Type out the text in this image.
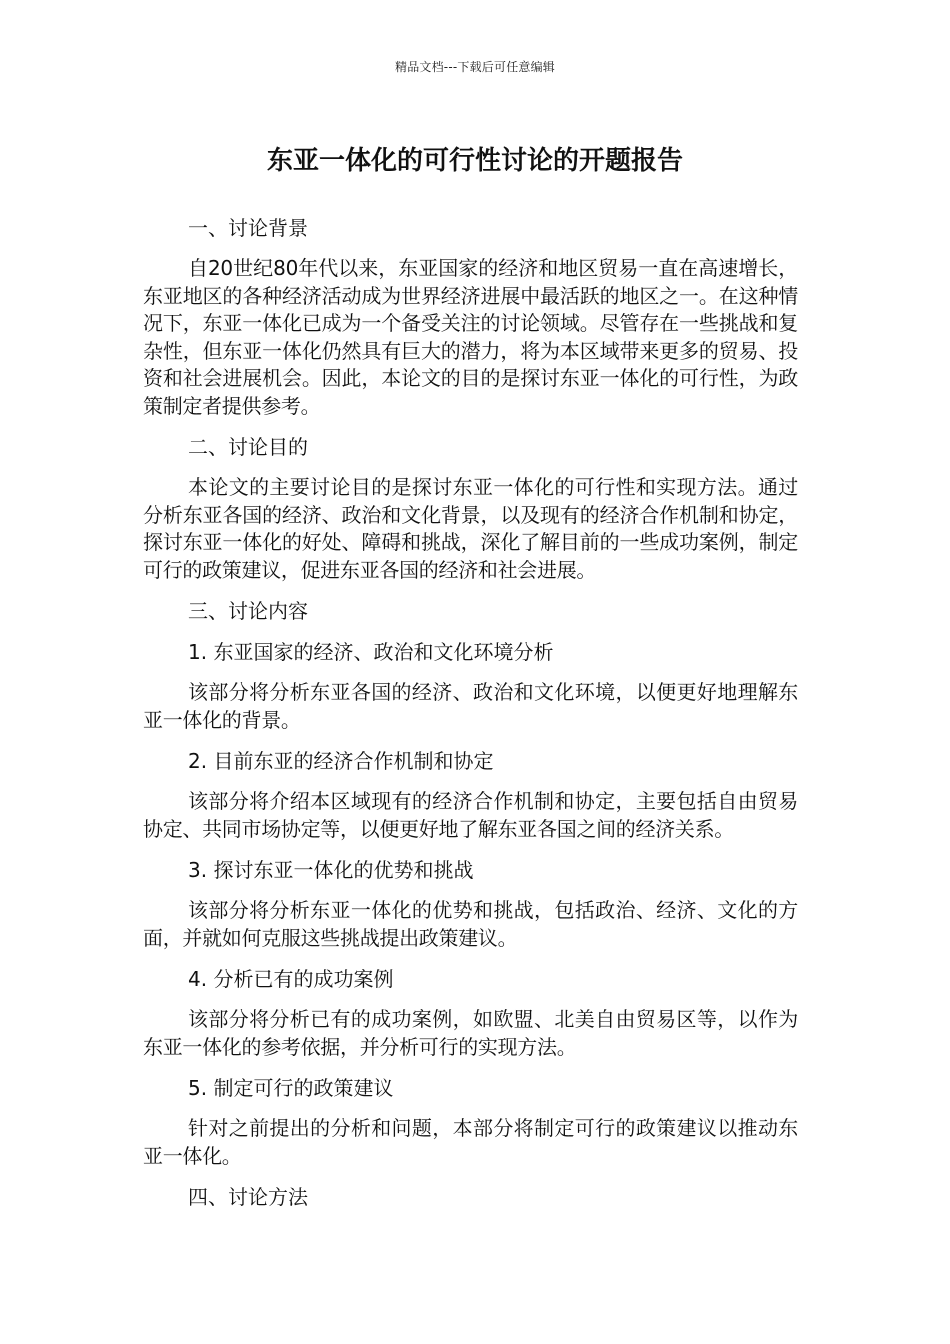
精品文档---下载后可任意编辑
东亚一体化的可行性讨论的开题报告

一、讨论背景

自20世纪80年代以来，东亚国家的经济和地区贸易一直在高速增长，东亚地区的各种经济活动成为世界经济进展中最活跃的地区之一。在这种情况下，东亚一体化已成为一个备受关注的讨论领域。尽管存在一些挑战和复杂性，但东亚一体化仍然具有巨大的潜力，将为本区域带来更多的贸易、投资和社会进展机会。因此，本论文的目的是探讨东亚一体化的可行性，为政策制定者提供参考。

二、讨论目的

本论文的主要讨论目的是探讨东亚一体化的可行性和实现方法。通过分析东亚各国的经济、政治和文化背景，以及现有的经济合作机制和协定，探讨东亚一体化的好处、障碍和挑战，深化了解目前的一些成功案例，制定可行的政策建议，促进东亚各国的经济和社会进展。

三、讨论内容

1. 东亚国家的经济、政治和文化环境分析

该部分将分析东亚各国的经济、政治和文化环境，以便更好地理解东亚一体化的背景。

2. 目前东亚的经济合作机制和协定

该部分将介绍本区域现有的经济合作机制和协定，主要包括自由贸易协定、共同市场协定等，以便更好地了解东亚各国之间的经济关系。

3. 探讨东亚一体化的优势和挑战

该部分将分析东亚一体化的优势和挑战，包括政治、经济、文化的方面，并就如何克服这些挑战提出政策建议。

4. 分析已有的成功案例

该部分将分析已有的成功案例，如欧盟、北美自由贸易区等，以作为东亚一体化的参考依据，并分析可行的实现方法。

5. 制定可行的政策建议

针对之前提出的分析和问题，本部分将制定可行的政策建议以推动东亚一体化。

四、讨论方法
